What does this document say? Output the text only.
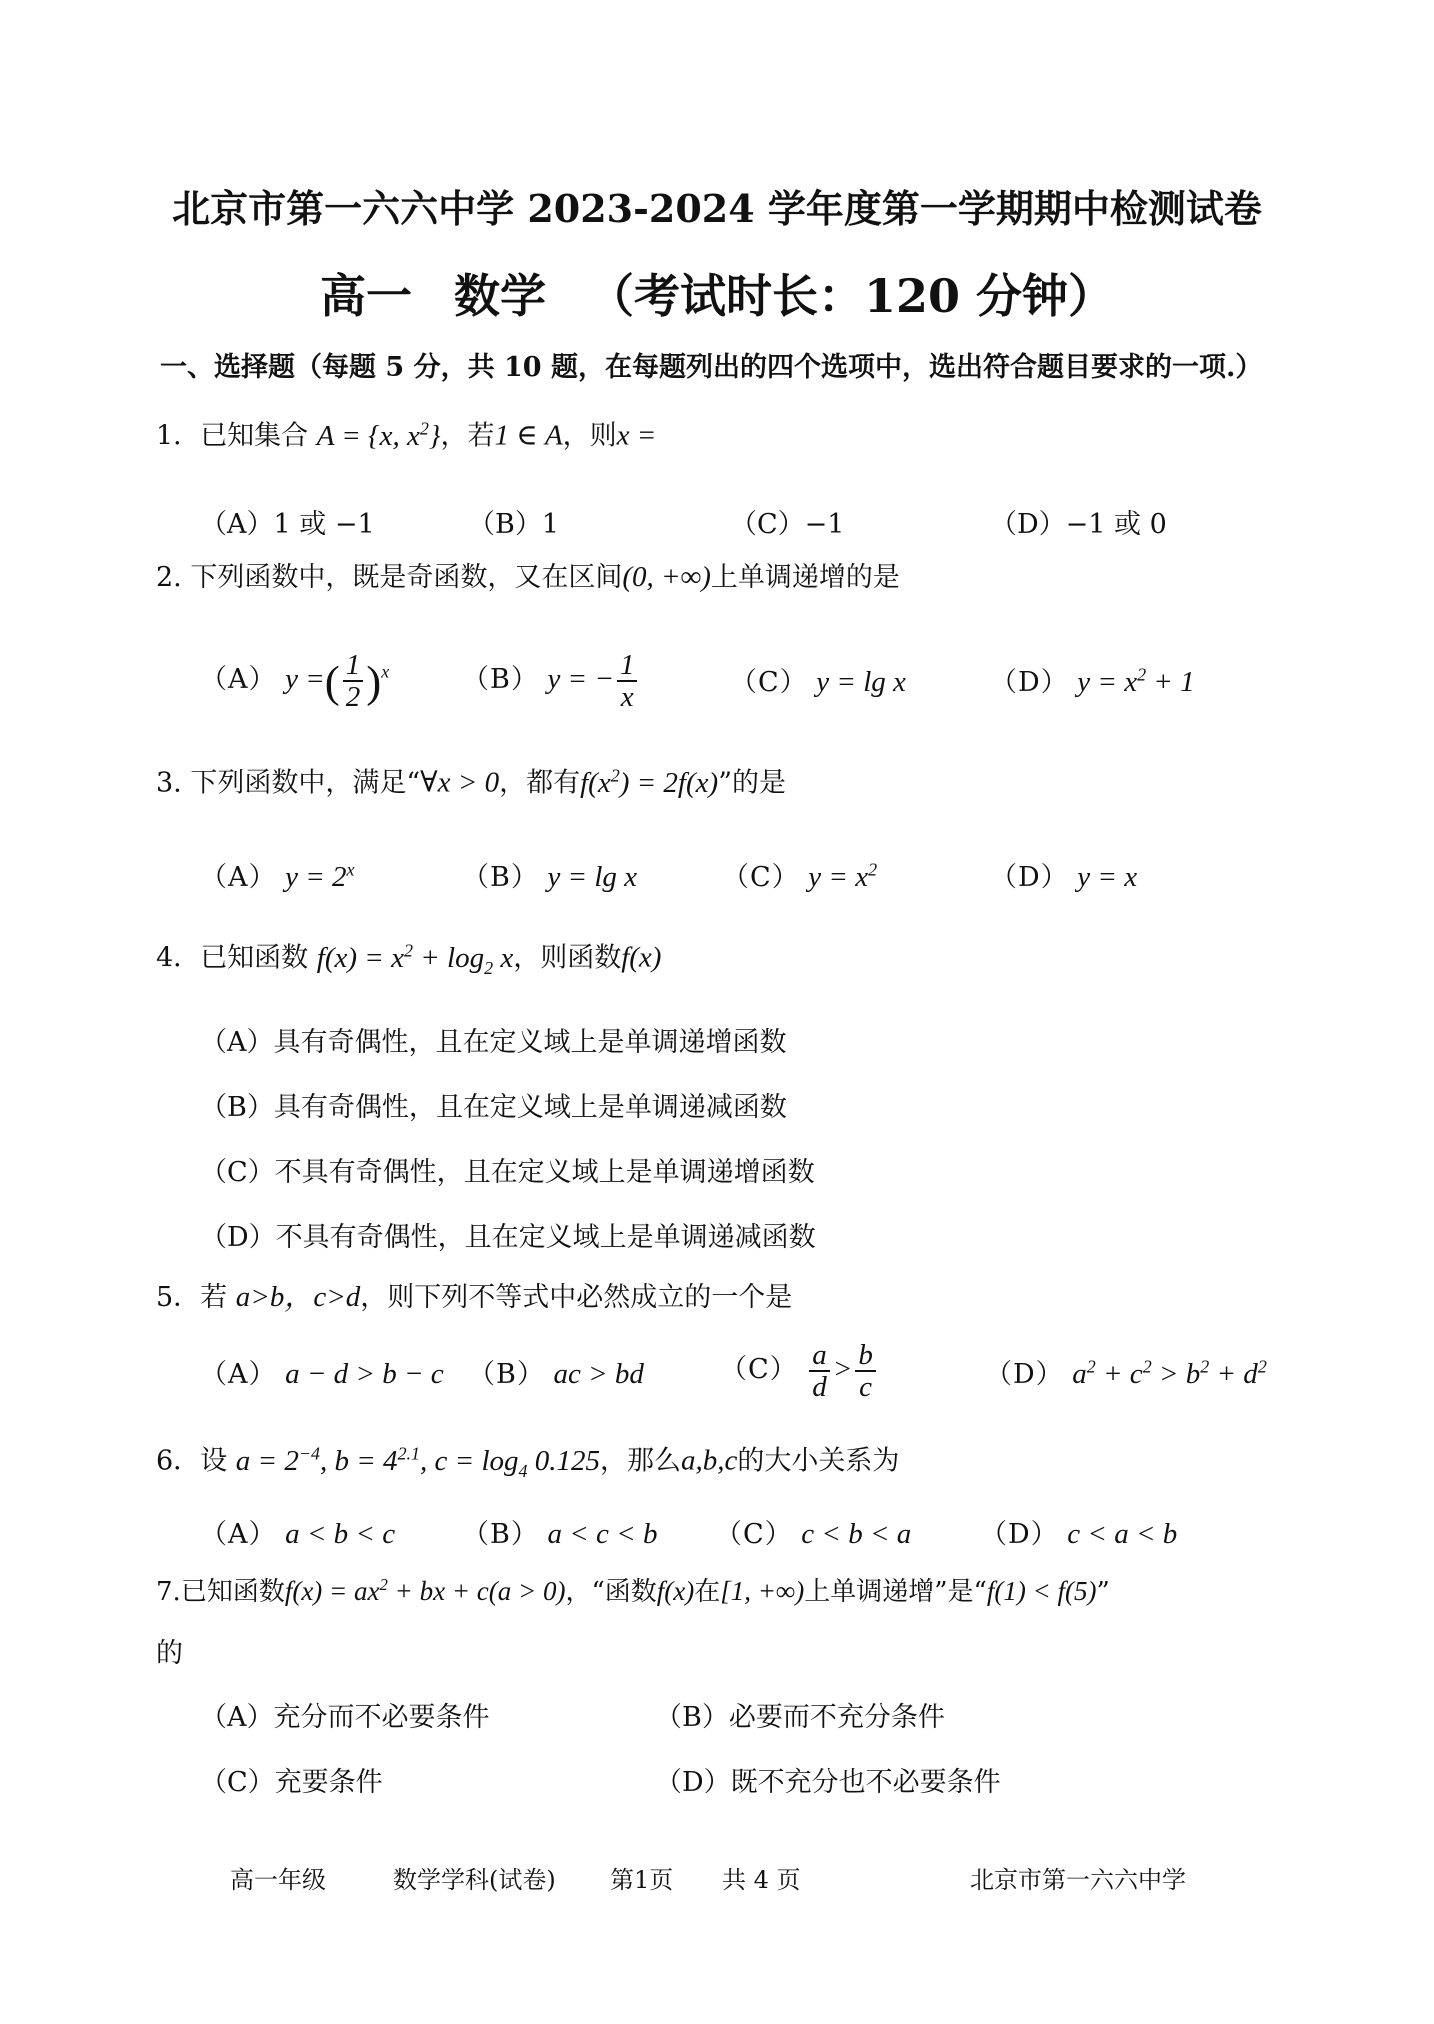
北京市第一六六中学 2023-2024 学年度第一学期期中检测试卷
高一 数学 （考试时长：120 分钟）
一、选择题（每题 5 分，共 10 题，在每题列出的四个选项中，选出符合题目要求的一项.）
1．已知集合 A = {x, $x^2$}，若1 ∈ A，则x =
（A）1 或 −1	（B）1	（C）−1	（D）−1 或 0
2. 下列函数中，既是奇函数，又在区间(0, +∞)上单调递增的是
（A） y =( $\frac{1}{2} )^x$	（B） y = − $\frac{1}{x}$	（C） y = lg x	（D） $y = x^2 + 1$
3. 下列函数中，满足“∀x > 0，都有$f(x^2) = 2f(x)$”的是
（A） $y = 2^x$	（B） y = lg x	（C） $y = x^2$	（D） y = x
4．已知函数 $f(x) = x^2 + \log_2 x$，则函数f(x)
（A）具有奇偶性，且在定义域上是单调递增函数
（B）具有奇偶性，且在定义域上是单调递减函数
（C）不具有奇偶性，且在定义域上是单调递增函数
（D）不具有奇偶性，且在定义域上是单调递减函数
5．若 a>b，c>d，则下列不等式中必然成立的一个是
（A） a − d > b − c （B） ac > bd	$(C) \frac{a}{d} > \frac{b}{c}$	（D） $a^2 + c^2 > b^2 + d^2$
6．设 $a = 2^{-4}$, $b = 4^{2.1}$, $c = \log_4 0.125$，那么a,b,c的大小关系为
（A） a < b < c （B） a < c < b （C） c < b < a	（D） c < a < b
7.已知函数$f(x) = ax^2$ + bx + c(a > 0)，“函数f(x)在[1, +∞)上单调递增”是“f(1) < f(5)”
的
（A）充分而不必要条件	（B）必要而不充分条件
（C）充要条件	（D）既不充分也不必要条件
高一年级	数学学科(试卷) 第1页 共 4 页	北京市第一六六中学
